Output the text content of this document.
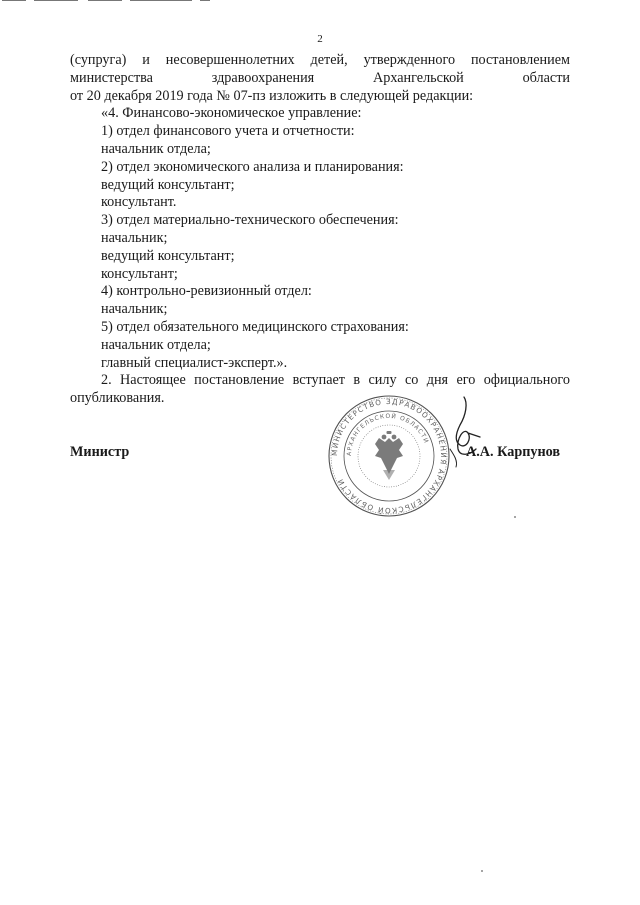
2
(супруга) и несовершеннолетних детей, утвержденного постановлением
министерства	здравоохранения	Архангельской	области
от 20 декабря 2019 года № 07-пз изложить в следующей редакции:
«4. Финансово-экономическое управление:
1) отдел финансового учета и отчетности:
начальник отдела;
2) отдел экономического анализа и планирования:
ведущий консультант;
консультант.
3) отдел материально-технического обеспечения:
начальник;
ведущий консультант;
консультант;
4) контрольно-ревизионный отдел:
начальник;
5) отдел обязательного медицинского страхования:
начальник отдела;
главный специалист-эксперт.».
2. Настоящее постановление вступает в силу со дня его официального
опубликования.
Министр	МИНИСТЕРСТВО ЗДРАВООХРАНЕНИЯ АРХАНГЕЛЬСКОЙ ОБЛАСТИ
АРХАНГЕЛЬСКОЙ ОБЛАСТИ
А.А. Карпунов
